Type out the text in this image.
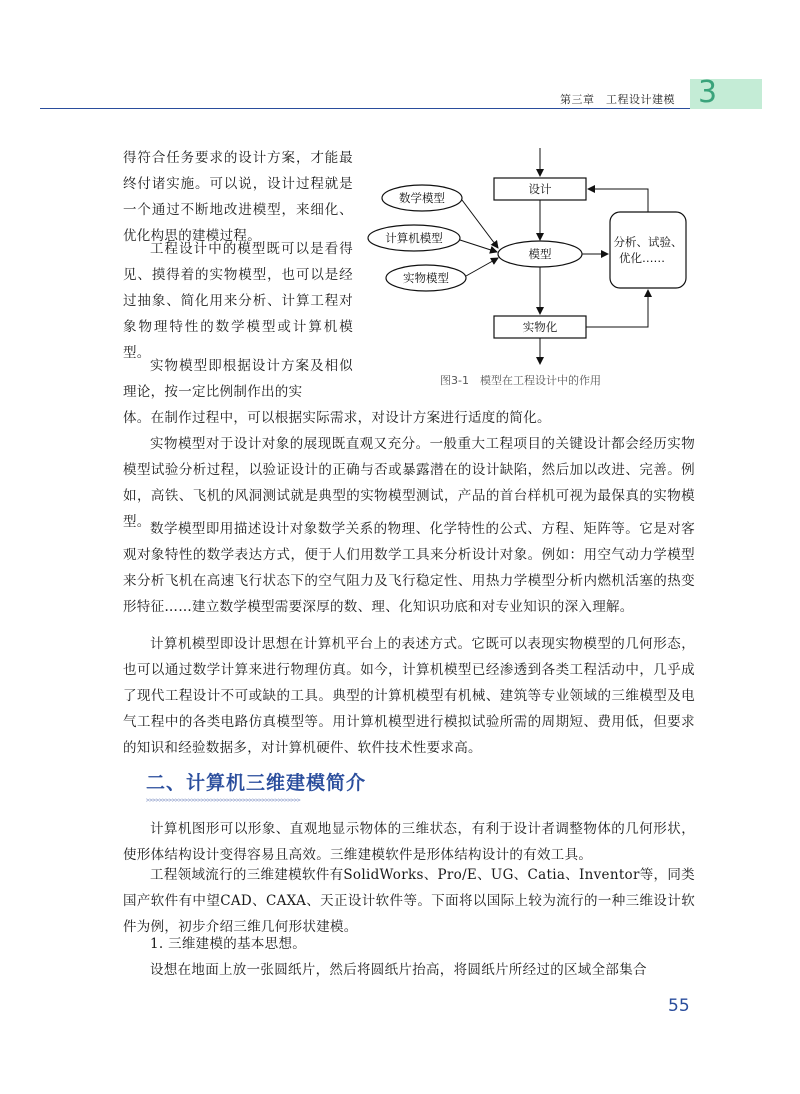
第三章　工程设计建模 3
设计
模型
实物化
分析、试验、
优化……
数学模型
计算机模型
实物模型
图3-1　模型在工程设计中的作用

得符合任务要求的设计方案，才能最终付诸实施。可以说，设计过程就是一个通过不断地改进模型，来细化、优化构思的建模过程。

工程设计中的模型既可以是看得见、摸得着的实物模型，也可以是经过抽象、简化用来分析、计算工程对象物理特性的数学模型或计算机模型。

实物模型即根据设计方案及相似理论，按一定比例制作出的实

体。在制作过程中，可以根据实际需求，对设计方案进行适度的简化。

实物模型对于设计对象的展现既直观又充分。一般重大工程项目的关键设计都会经历实物模型试验分析过程，以验证设计的正确与否或暴露潜在的设计缺陷，然后加以改进、完善。例如，高铁、飞机的风洞测试就是典型的实物模型测试，产品的首台样机可视为最保真的实物模型。 数学模型即用描述设计对象数学关系的物理、化学特性的公式、方程、矩阵等。它是对客观对象特性的数学表达方式，便于人们用数学工具来分析设计对象。例如：用空气动力学模型来分析飞机在高速飞行状态下的空气阻力及飞行稳定性、用热力学模型分析内燃机活塞的热变形特征……建立数学模型需要深厚的数、理、化知识功底和对专业知识的深入理解。

计算机模型即设计思想在计算机平台上的表述方式。它既可以表现实物模型的几何形态，也可以通过数学计算来进行物理仿真。如今，计算机模型已经渗透到各类工程活动中，几乎成了现代工程设计不可或缺的工具。典型的计算机模型有机械、建筑等专业领域的三维模型及电气工程中的各类电路仿真模型等。用计算机模型进行模拟试验所需的周期短、费用低，但要求的知识和经验数据多，对计算机硬件、软件技术性要求高。

二、计算机三维建模简介
>>>>>>>>>>>>>>>>>>>>>>>>>>>>>>>>>>>>>>>>>>>>>>>>

计算机图形可以形象、直观地显示物体的三维状态，有利于设计者调整物体的几何形状，使形体结构设计变得容易且高效。三维建模软件是形体结构设计的有效工具。

工程领域流行的三维建模软件有SolidWorks、Pro/E、UG、Catia、Inventor等，同类国产软件有中望CAD、CAXA、天正设计软件等。下面将以国际上较为流行的一种三维设计软件为例，初步介绍三维几何形状建模。

1. 三维建模的基本思想。

设想在地面上放一张圆纸片，然后将圆纸片抬高，将圆纸片所经过的区域全部集合

55
